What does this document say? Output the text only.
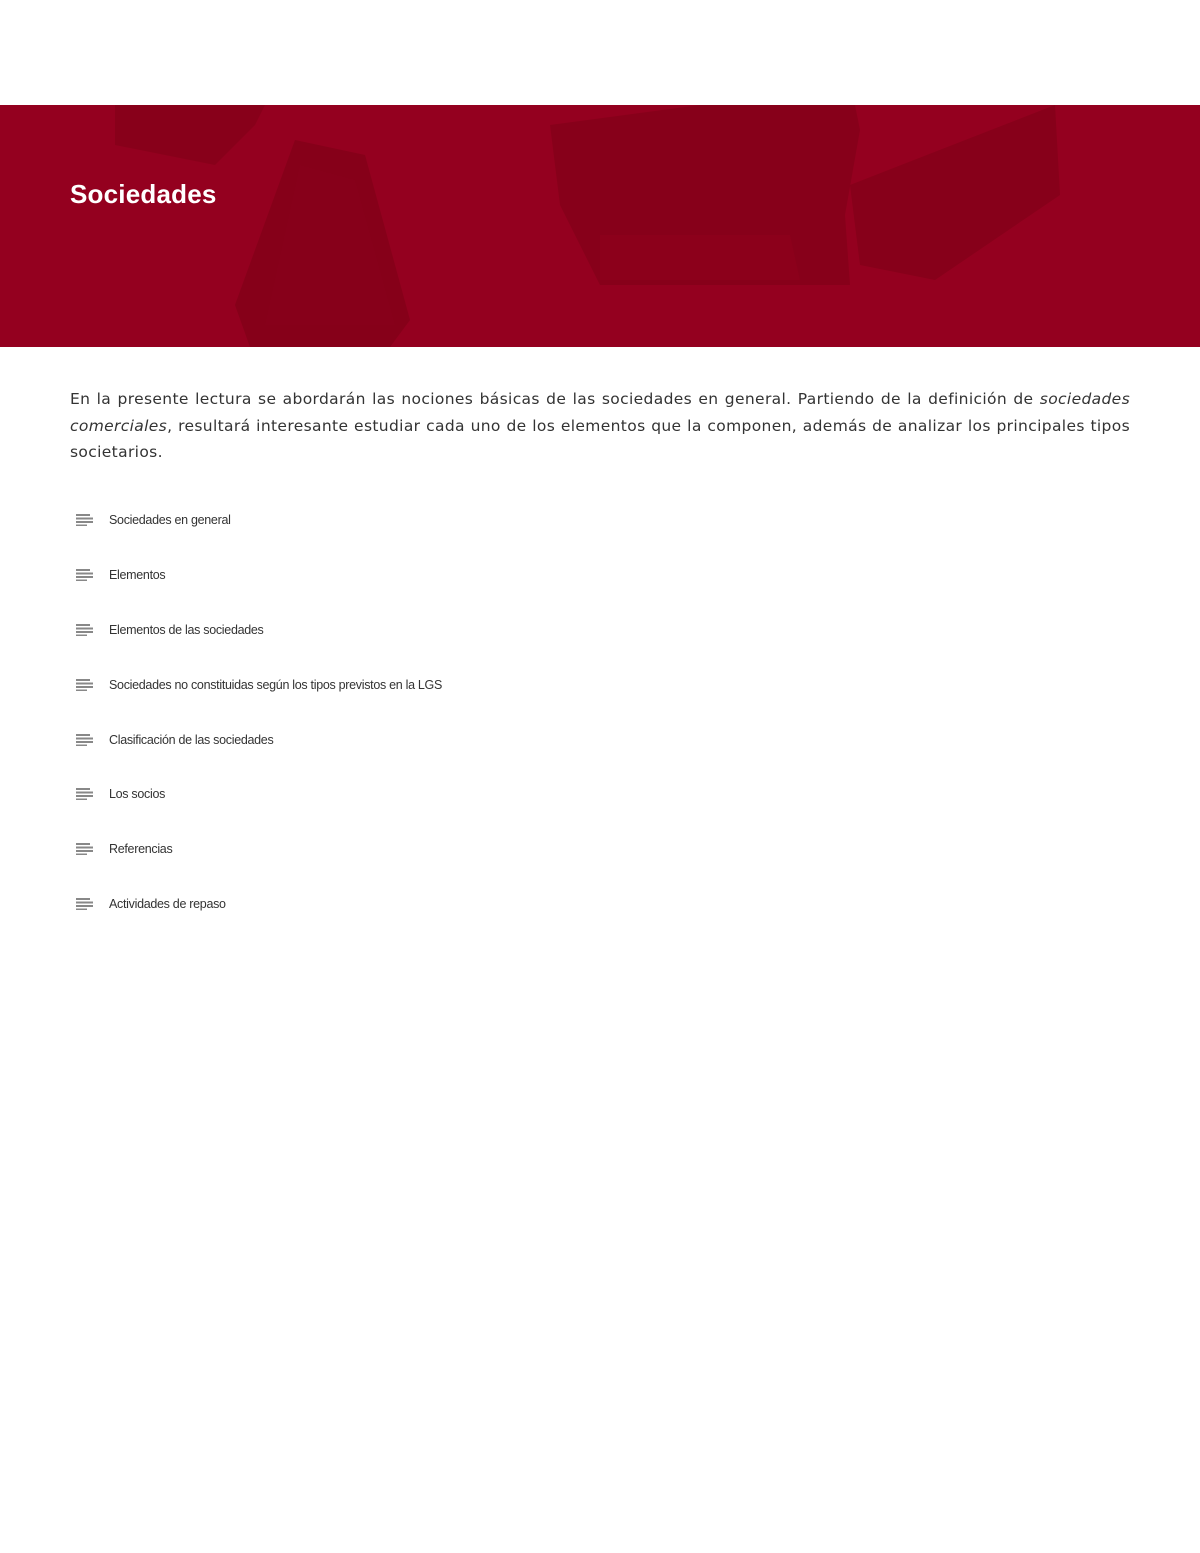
Sociedades

En la presente lectura se abordarán las nociones básicas de las sociedades en general. Partiendo de la definición de sociedades comerciales, resultará interesante estudiar cada uno de los elementos que la componen, además de analizar los principales tipos societarios.

Sociedades en general
Elementos
Elementos de las sociedades
Sociedades no constituidas según los tipos previstos en la LGS
Clasificación de las sociedades
Los socios
Referencias
Actividades de repaso
